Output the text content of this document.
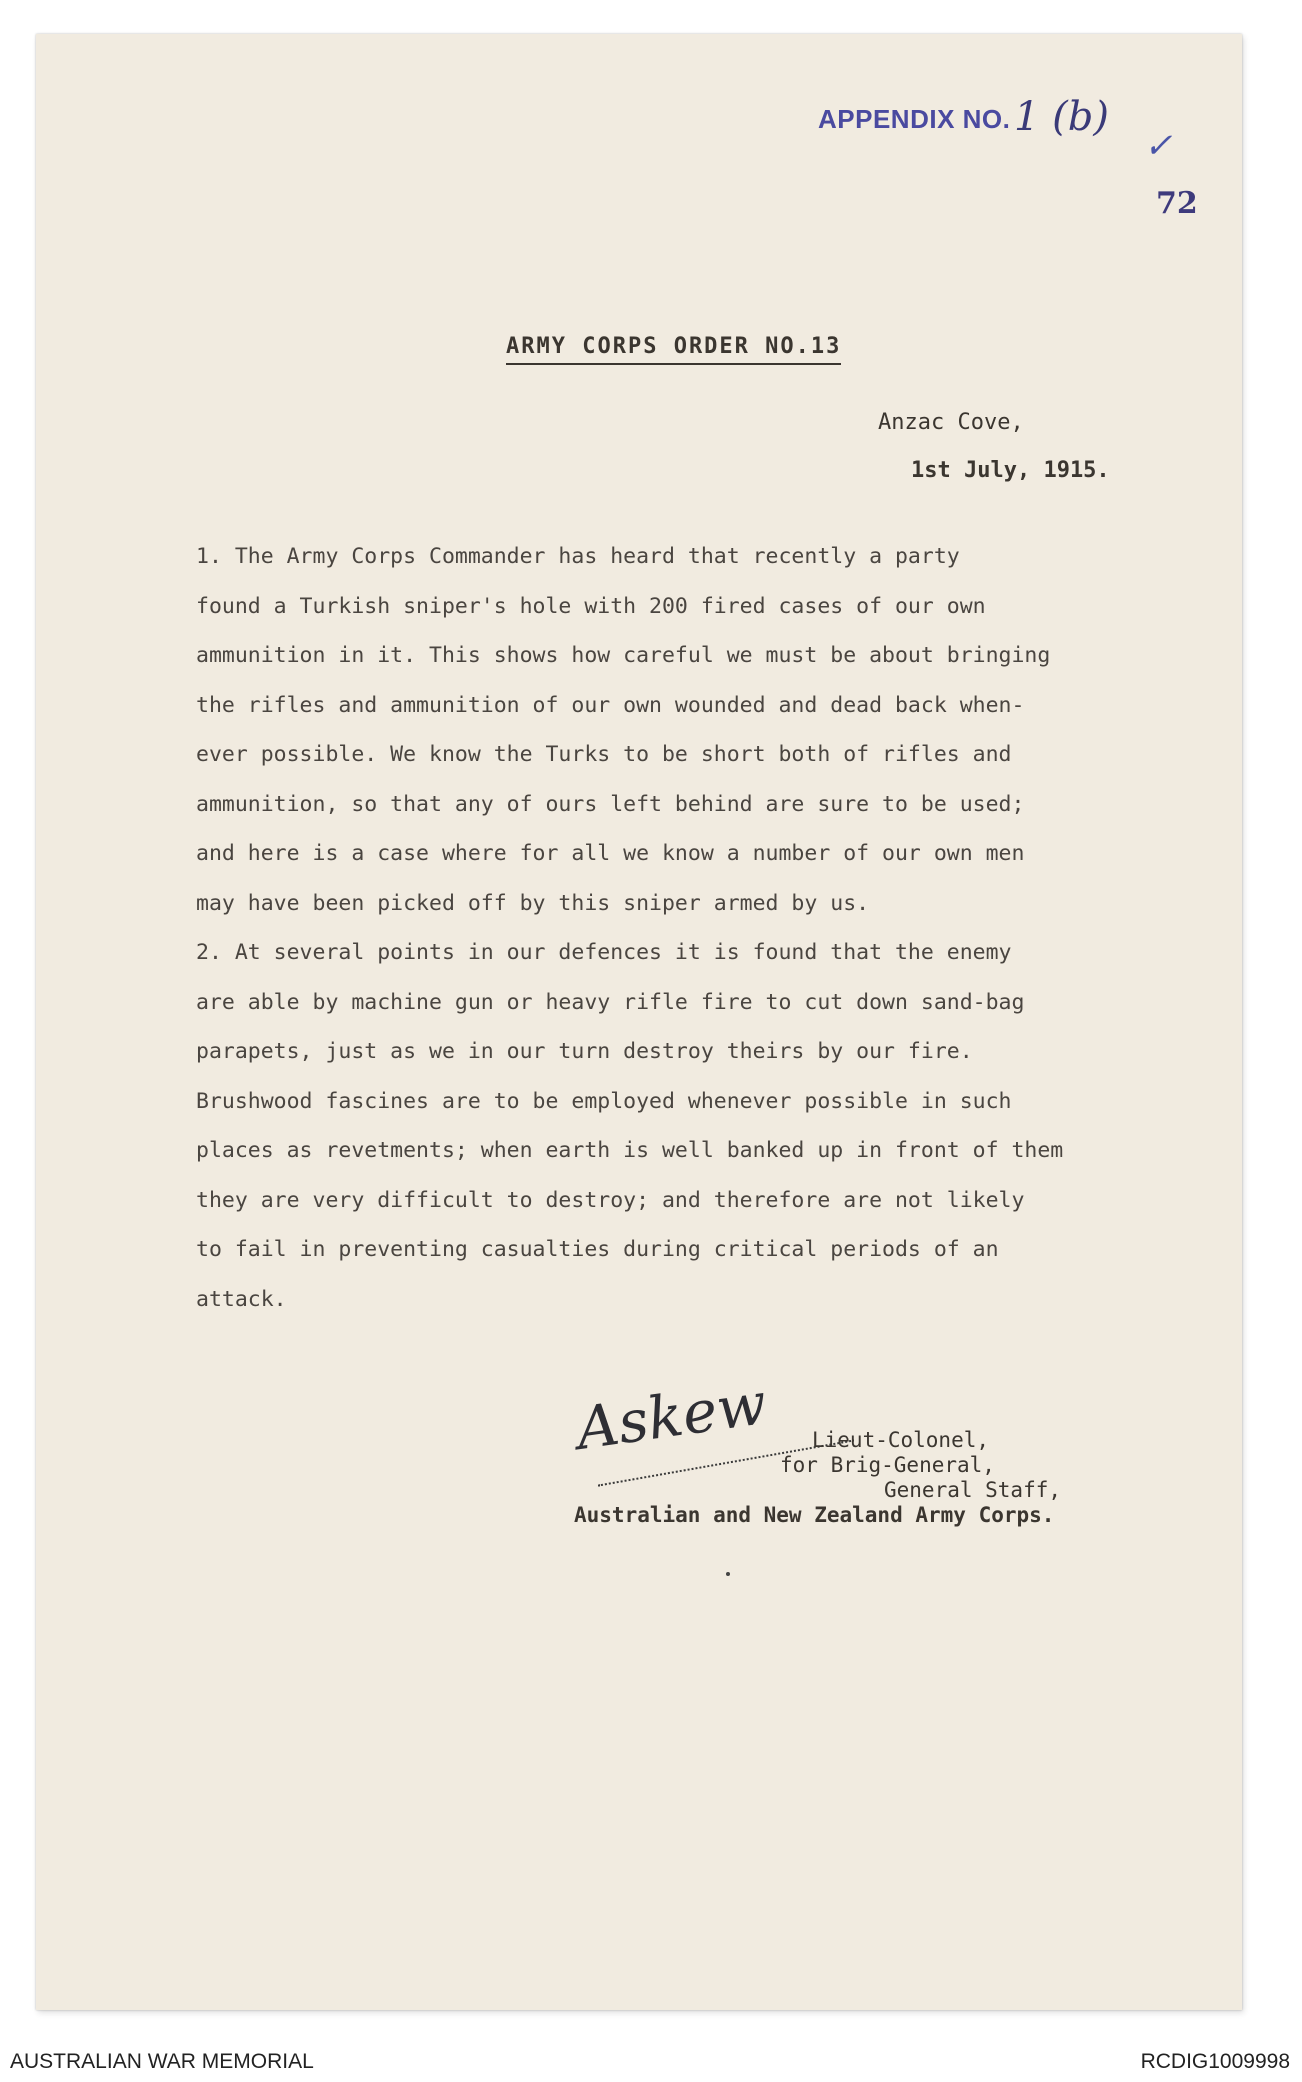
APPENDIX NO. 1 (b)
✓
72
ARMY CORPS ORDER NO.13
Anzac Cove,
1st July, 1915.

1. The Army Corps Commander has heard that recently a party

found a Turkish sniper's hole with 200 fired cases of our own

ammunition in it. This shows how careful we must be about bringing

the rifles and ammunition of our own wounded and dead back when-

ever possible. We know the Turks to be short both of rifles and

ammunition, so that any of ours left behind are sure to be used;

and here is a case where for all we know a number of our own men

may have been picked off by this sniper armed by us.

2. At several points in our defences it is found that the enemy

are able by machine gun or heavy rifle fire to cut down sand-bag

parapets, just as we in our turn destroy theirs by our fire.

Brushwood fascines are to be employed whenever possible in such

places as revetments; when earth is well banked up in front of them

they are very difficult to destroy; and therefore are not likely

to fail in preventing casualties during critical periods of an

attack.

Askew	Lieut-Colonel,
for Brig-General,
General Staff,
Australian and New Zealand Army Corps.
AUSTRALIAN WAR MEMORIAL	RCDIG1009998
